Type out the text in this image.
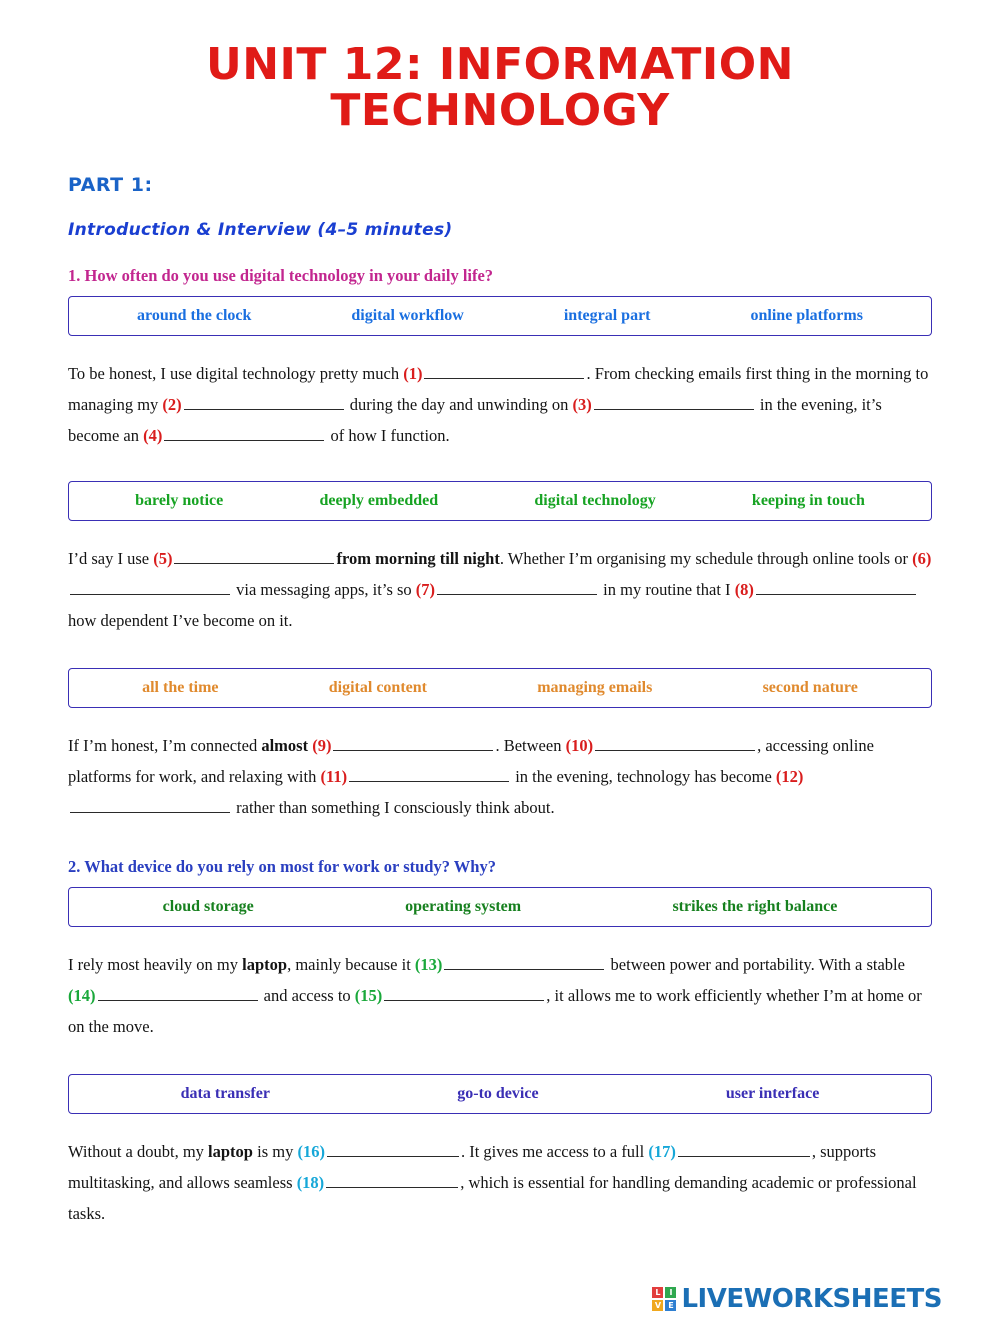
UNIT 12: INFORMATION TECHNOLOGY
PART 1:
Introduction & Interview (4–5 minutes)
1. How often do you use digital technology in your daily life?
around the clock	digital workflow	integral part	online platforms
To be honest, I use digital technology pretty much (1)	. From checking emails first thing in the morning to managing my (2)	during the day and unwinding on (3)	in the evening, it’s become an (4)	of how I function.
barely notice	deeply embedded	digital technology	keeping in touch
I’d say I use (5)	from morning till night. Whether I’m organising my schedule through online tools or (6) via messaging apps, it’s so (7)	in my routine that I (8) how dependent I’ve become on it.
all the time	digital content	managing emails	second nature
If I’m honest, I’m connected almost (9)	. Between (10)	, accessing online platforms for work, and relaxing with (11)	in the evening, technology has become (12) rather than something I consciously think about.
2. What device do you rely on most for work or study? Why?
cloud storage	operating system	strikes the right balance
I rely most heavily on my laptop, mainly because it (13)	between power and portability. With a stable (14)	and access to (15)	, it allows me to work efficiently whether I’m at home or on the move.
data transfer	go-to device	user interface
Without a doubt, my laptop is my (16)	. It gives me access to a full (17)	, supports multitasking, and allows seamless (18)	, which is essential for handling demanding academic or professional tasks.
L	I
V E LIVEWORKSHEETS
